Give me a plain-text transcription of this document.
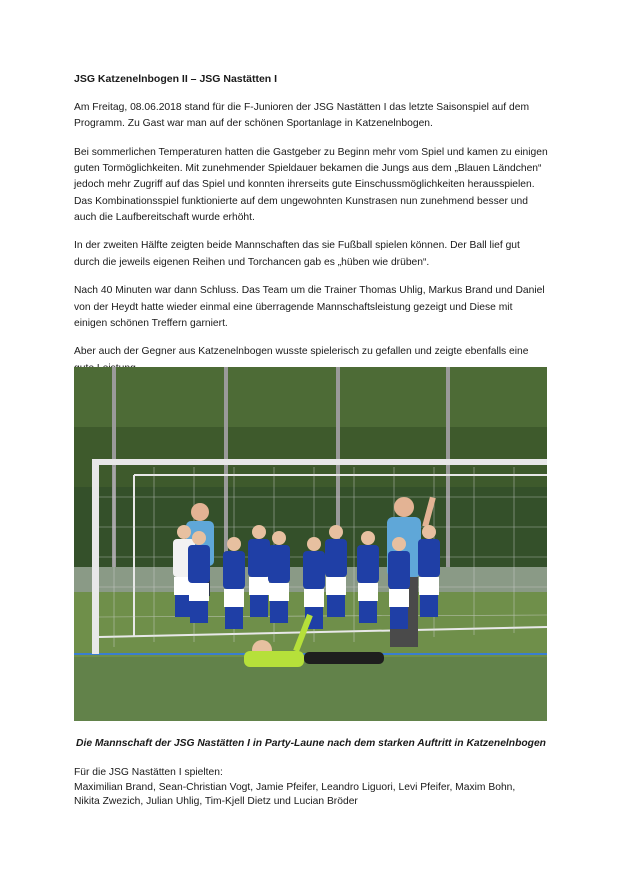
JSG Katzenelnbogen II – JSG Nastätten I

Am Freitag, 08.06.2018 stand für die F-Junioren der JSG Nastätten I das letzte Saisonspiel auf dem Programm. Zu Gast war man auf der schönen Sportanlage in Katzenelnbogen.

Bei sommerlichen Temperaturen hatten die Gastgeber zu Beginn mehr vom Spiel und kamen zu einigen guten Tormöglichkeiten. Mit zunehmender Spieldauer bekamen die Jungs aus dem „Blauen Ländchen“ jedoch mehr Zugriff auf das Spiel und konnten ihrerseits gute Einschussmöglichkeiten herausspielen. Das Kombinationsspiel funktionierte auf dem ungewohnten Kunstrasen nun zunehmend besser und auch die Laufbereitschaft wurde erhöht.

In der zweiten Hälfte zeigten beide Mannschaften das sie Fußball spielen können. Der Ball lief gut durch die jeweils eigenen Reihen und Torchancen gab es „hüben wie drüben“.

Nach 40 Minuten war dann Schluss. Das Team um die Trainer Thomas Uhlig, Markus Brand und Daniel von der Heydt hatte wieder einmal eine überragende Mannschaftsleistung gezeigt und Diese mit einigen schönen Treffern garniert.

Aber auch der Gegner aus Katzenelnbogen wusste spielerisch zu gefallen und zeigte ebenfalls eine

Die Mannschaft der JSG Nastätten I in Party-Laune nach dem starken Auftritt in Katzenelnbogen

Für die JSG Nastätten I spielten:

Maximilian Brand, Sean-Christian Vogt, Jamie Pfeifer, Leandro Liguori, Levi Pfeifer, Maxim Bohn,

Nikita Zwezich, Julian Uhlig, Tim-Kjell Dietz und Lucian Bröder
